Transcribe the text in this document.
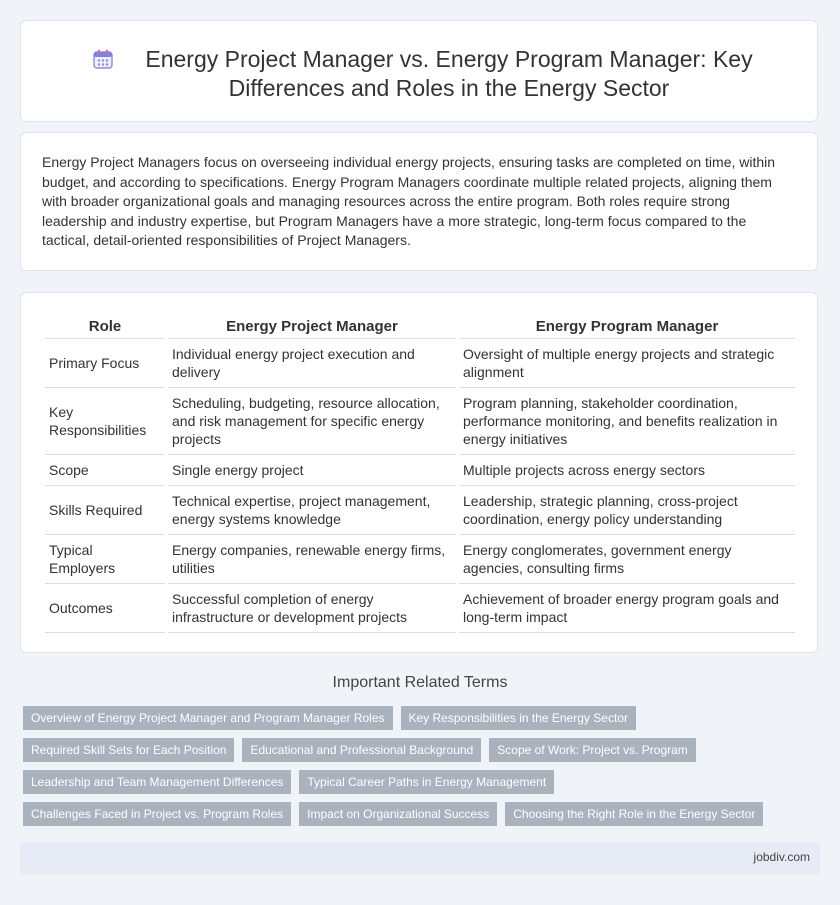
Energy Project Manager vs. Energy Program Manager: Key Differences and Roles in the Energy Sector

Energy Project Managers focus on overseeing individual energy projects, ensuring tasks are completed on time, within budget, and according to specifications. Energy Program Managers coordinate multiple related projects, aligning them with broader organizational goals and managing resources across the entire program. Both roles require strong leadership and industry expertise, but Program Managers have a more strategic, long-term focus compared to the tactical, detail-oriented responsibilities of Project Managers.

Role	Energy Project Manager	Energy Program Manager
Primary Focus	Individual energy project execution and delivery	Oversight of multiple energy projects and strategic alignment
Key Responsibilities	Scheduling, budgeting, resource allocation, and risk management for specific energy projects	Program planning, stakeholder coordination, performance monitoring, and benefits realization in energy initiatives
Scope	Single energy project	Multiple projects across energy sectors
Skills Required	Technical expertise, project management, energy systems knowledge	Leadership, strategic planning, cross-project coordination, energy policy understanding
Typical Employers	Energy companies, renewable energy firms, utilities	Energy conglomerates, government energy agencies, consulting firms
Outcomes	Successful completion of energy infrastructure or development projects	Achievement of broader energy program goals and long-term impact
Important Related Terms
Overview of Energy Project Manager and Program Manager Roles	Key Responsibilities in the Energy Sector
Required Skill Sets for Each Position	Educational and Professional Background	Scope of Work: Project vs. Program
Leadership and Team Management Differences	Typical Career Paths in Energy Management
Challenges Faced in Project vs. Program Roles	Impact on Organizational Success	Choosing the Right Role in the Energy Sector
jobdiv.com
